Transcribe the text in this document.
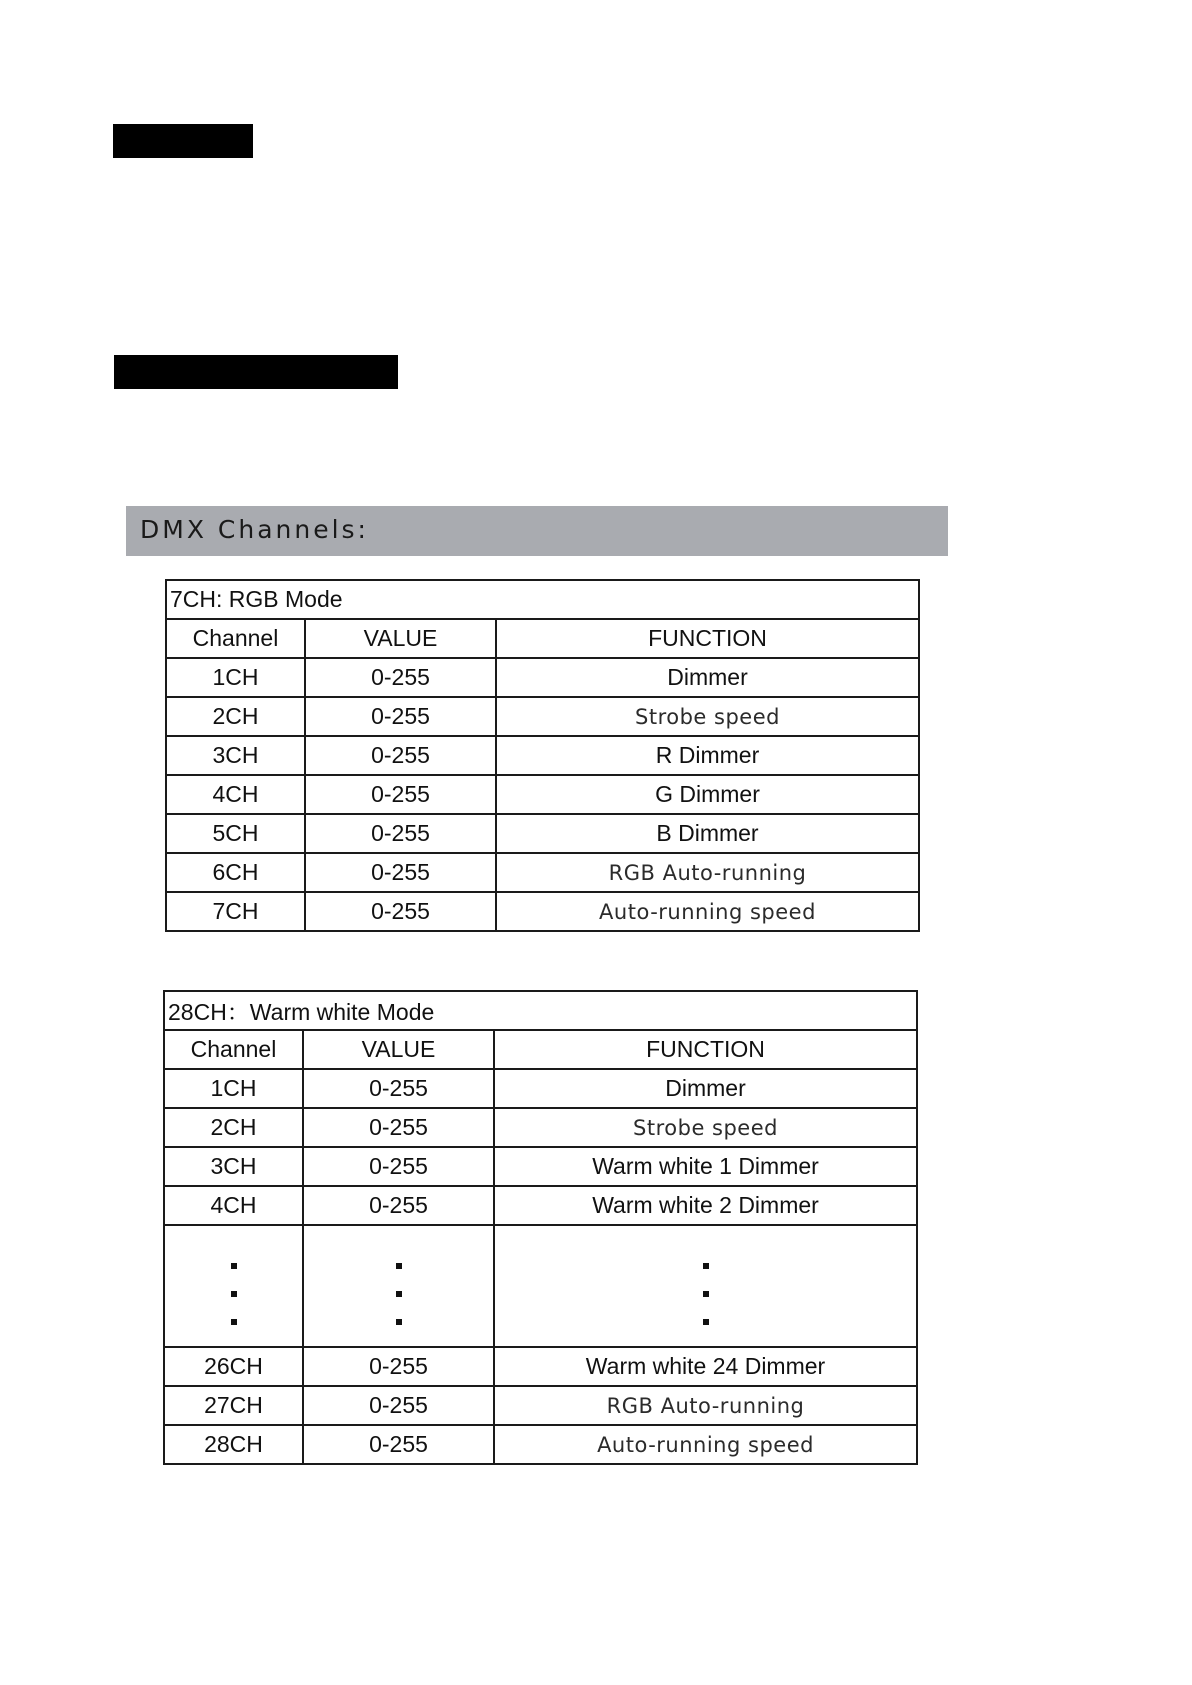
DMX Channels:
7CH: RGB Mode		
Channel	VALUE	FUNCTION
1CH	0-255	Dimmer
2CH	0-255	Strobe speed
3CH	0-255	R Dimmer
4CH	0-255	G Dimmer
5CH	0-255	B Dimmer
6CH	0-255	RGB Auto-running
7CH	0-255	Auto-running speed
28CH：Warm white Mode		
Channel	VALUE	FUNCTION
1CH	0-255	Dimmer
2CH	0-255	Strobe speed
3CH	0-255	Warm white 1 Dimmer
4CH	0-255	Warm white 2 Dimmer

26CH	0-255	Warm white 24 Dimmer
27CH	0-255	RGB Auto-running
28CH	0-255	Auto-running speed
